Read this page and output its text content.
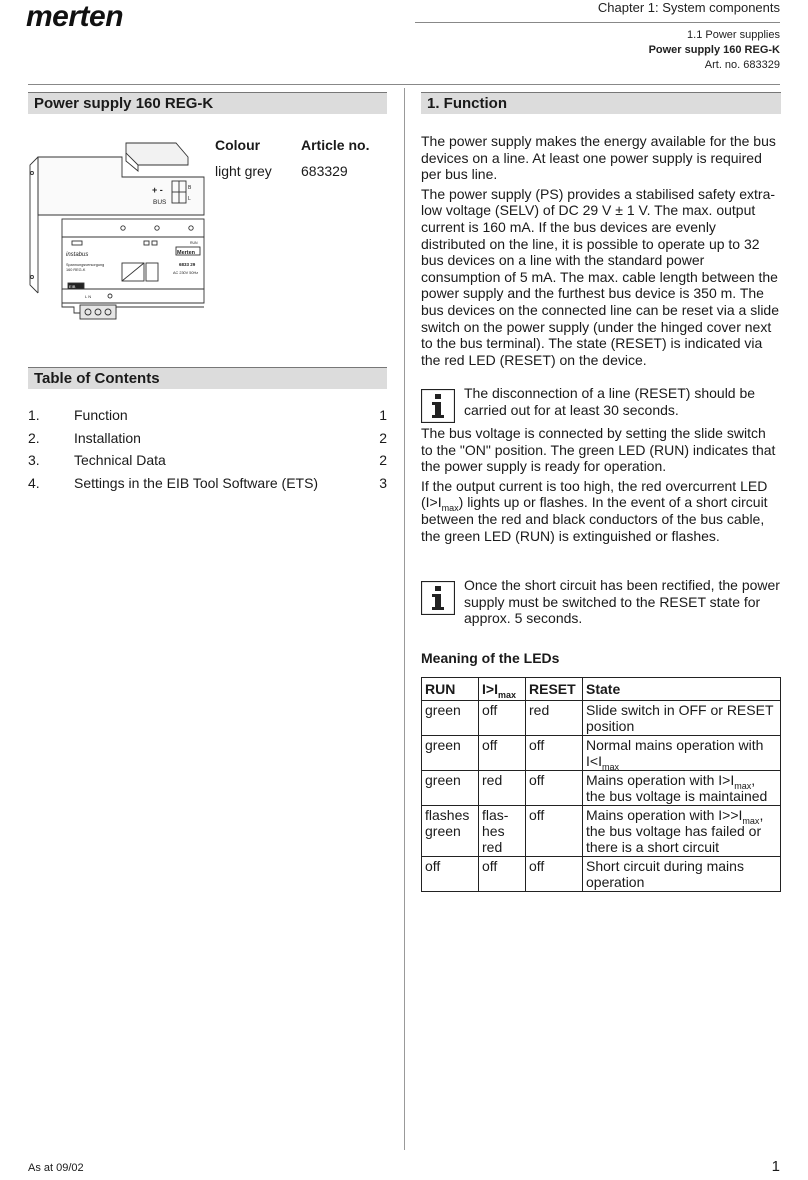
merten	Chapter 1: System components
1.1 Power supplies
Power supply 160 REG-K
Art. no. 683329
Power supply 160 REG-K
Colour	Article no.
light grey 683329
+ -
BUS
B
L
RUN
instabus	Merten
Spannungsversorgung
160 REG-K
6833 29
AC 230V 50Hz
L N
EIB
Table of Contents
1. Function	1
2. Installation	2
3. Technical Data	2
4. Settings in the EIB Tool Software (ETS)	3
1. Function

The power supply makes the energy available for the bus devices on a line. At least one power supply is required per bus line.

The power supply (PS) provides a stabilised safety extra-low voltage (SELV) of DC 29 V ± 1 V. The max. output current is 160 mA. If the bus devices are evenly distributed on the line, it is possible to operate up to 32 bus devices on a line with the standard power consumption of 5 mA. The max. cable length between the power supply and the furthest bus device is 350 m. The bus devices on the connected line can be reset via a slide switch on the power supply (under the hinged cover next to the bus terminal). The state (RESET) is indicated via the red LED (RESET) on the device.

The disconnection of a line (RESET) should be carried out for at least 30 seconds.

The bus voltage is connected by setting the slide switch to the "ON" position. The green LED (RUN) indicates that the power supply is ready for operation.

If the output current is too high, the red overcurrent LED $(I>I_{max})$ lights up or flashes. In the event of a short circuit between the red and black conductors of the bus cable, the green LED (RUN) is extinguished or flashes.

Once the short circuit has been rectified, the power supply must be switched to the RESET state for approx. 5 seconds.
Meaning of the LEDs
RUN	$I>I_{max}$	RESET	State
green	off	red	Slide switch in OFF or RESET position
green	off	off	Normal mains operation with $I<I_{max}$
green	red	off	Mains operation with $I>I_{max}$, the bus voltage is maintained
flashes green	flas-hes red	off	Mains operation with $I>>I_{max}$, the bus voltage has failed or there is a short circuit
off	off	off	Short circuit during mains operation
As at 09/02	1
